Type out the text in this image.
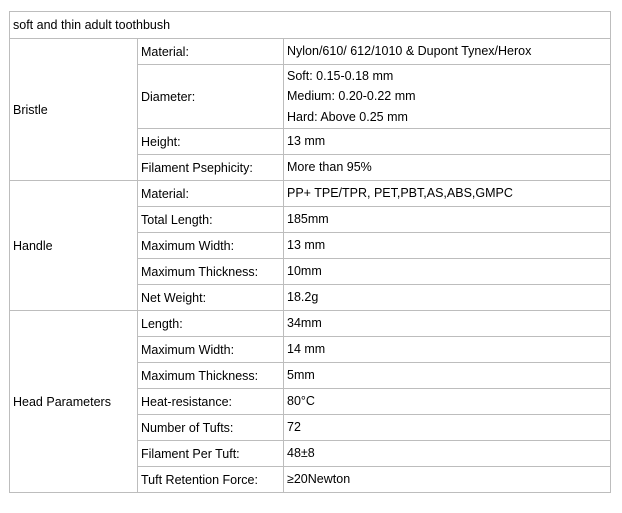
soft and thin adult toothbush		
Bristle	Material:	Nylon/610/ 612/1010 & Dupont Tynex/Herox

	Diameter:	Soft: 0.15-0.18 mm
Medium: 0.20-0.22 mm
Hard: Above 0.25 mm

	Height:	13 mm

	Filament Psephicity:	More than 95%

Handle	Material:	PP+ TPE/TPR, PET,PBT,AS,ABS,GMPC

	Total Length:	185mm

	Maximum Width:	13 mm

	Maximum Thickness:	10mm

	Net Weight:	18.2g

Head Parameters	Length:	34mm

	Maximum Width:	14 mm

	Maximum Thickness:	5mm

	Heat-resistance:	80°C

	Number of Tufts:	72

	Filament Per Tuft:	48±8

	Tuft Retention Force:	≥20Newton
